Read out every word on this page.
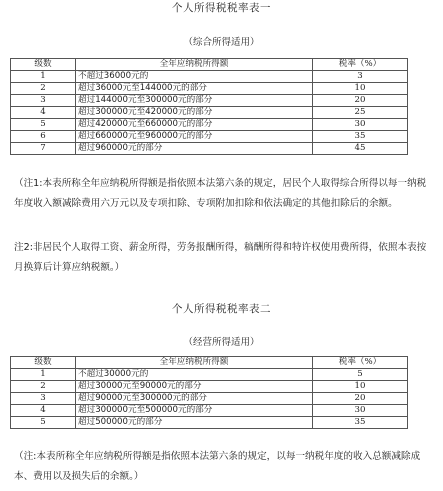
个人所得税税率表一
（综合所得适用）
级数	全年应纳税所得额	税率（%）
1	不超过36000元的	3
2	超过36000元至144000元的部分	10
3	超过144000元至300000元的部分	20
4	超过300000元至420000元的部分	25
5	超过420000元至660000元的部分	30
6	超过660000元至960000元的部分	35
7	超过960000元的部分	45

（注1:本表所称全年应纳税所得额是指依照本法第六条的规定，居民个人取得综合所得以每一纳税年度收入额减除费用六万元以及专项扣除、专项附加扣除和依法确定的其他扣除后的余额。

注2:非居民个人取得工资、薪金所得，劳务报酬所得，稿酬所得和特许权使用费所得，依照本表按月换算后计算应纳税额。）

个人所得税税率表二
（经营所得适用）
级数	全年应纳税所得额	税率（%）
1	不超过30000元的	5
2	超过30000元至90000元的部分	10
3	超过90000元至300000元的部分	20
4	超过300000元至500000元的部分	30
5	超过500000元的部分	35

（注:本表所称全年应纳税所得额是指依照本法第六条的规定，以每一纳税年度的收入总额减除成本、费用以及损失后的余额。）
